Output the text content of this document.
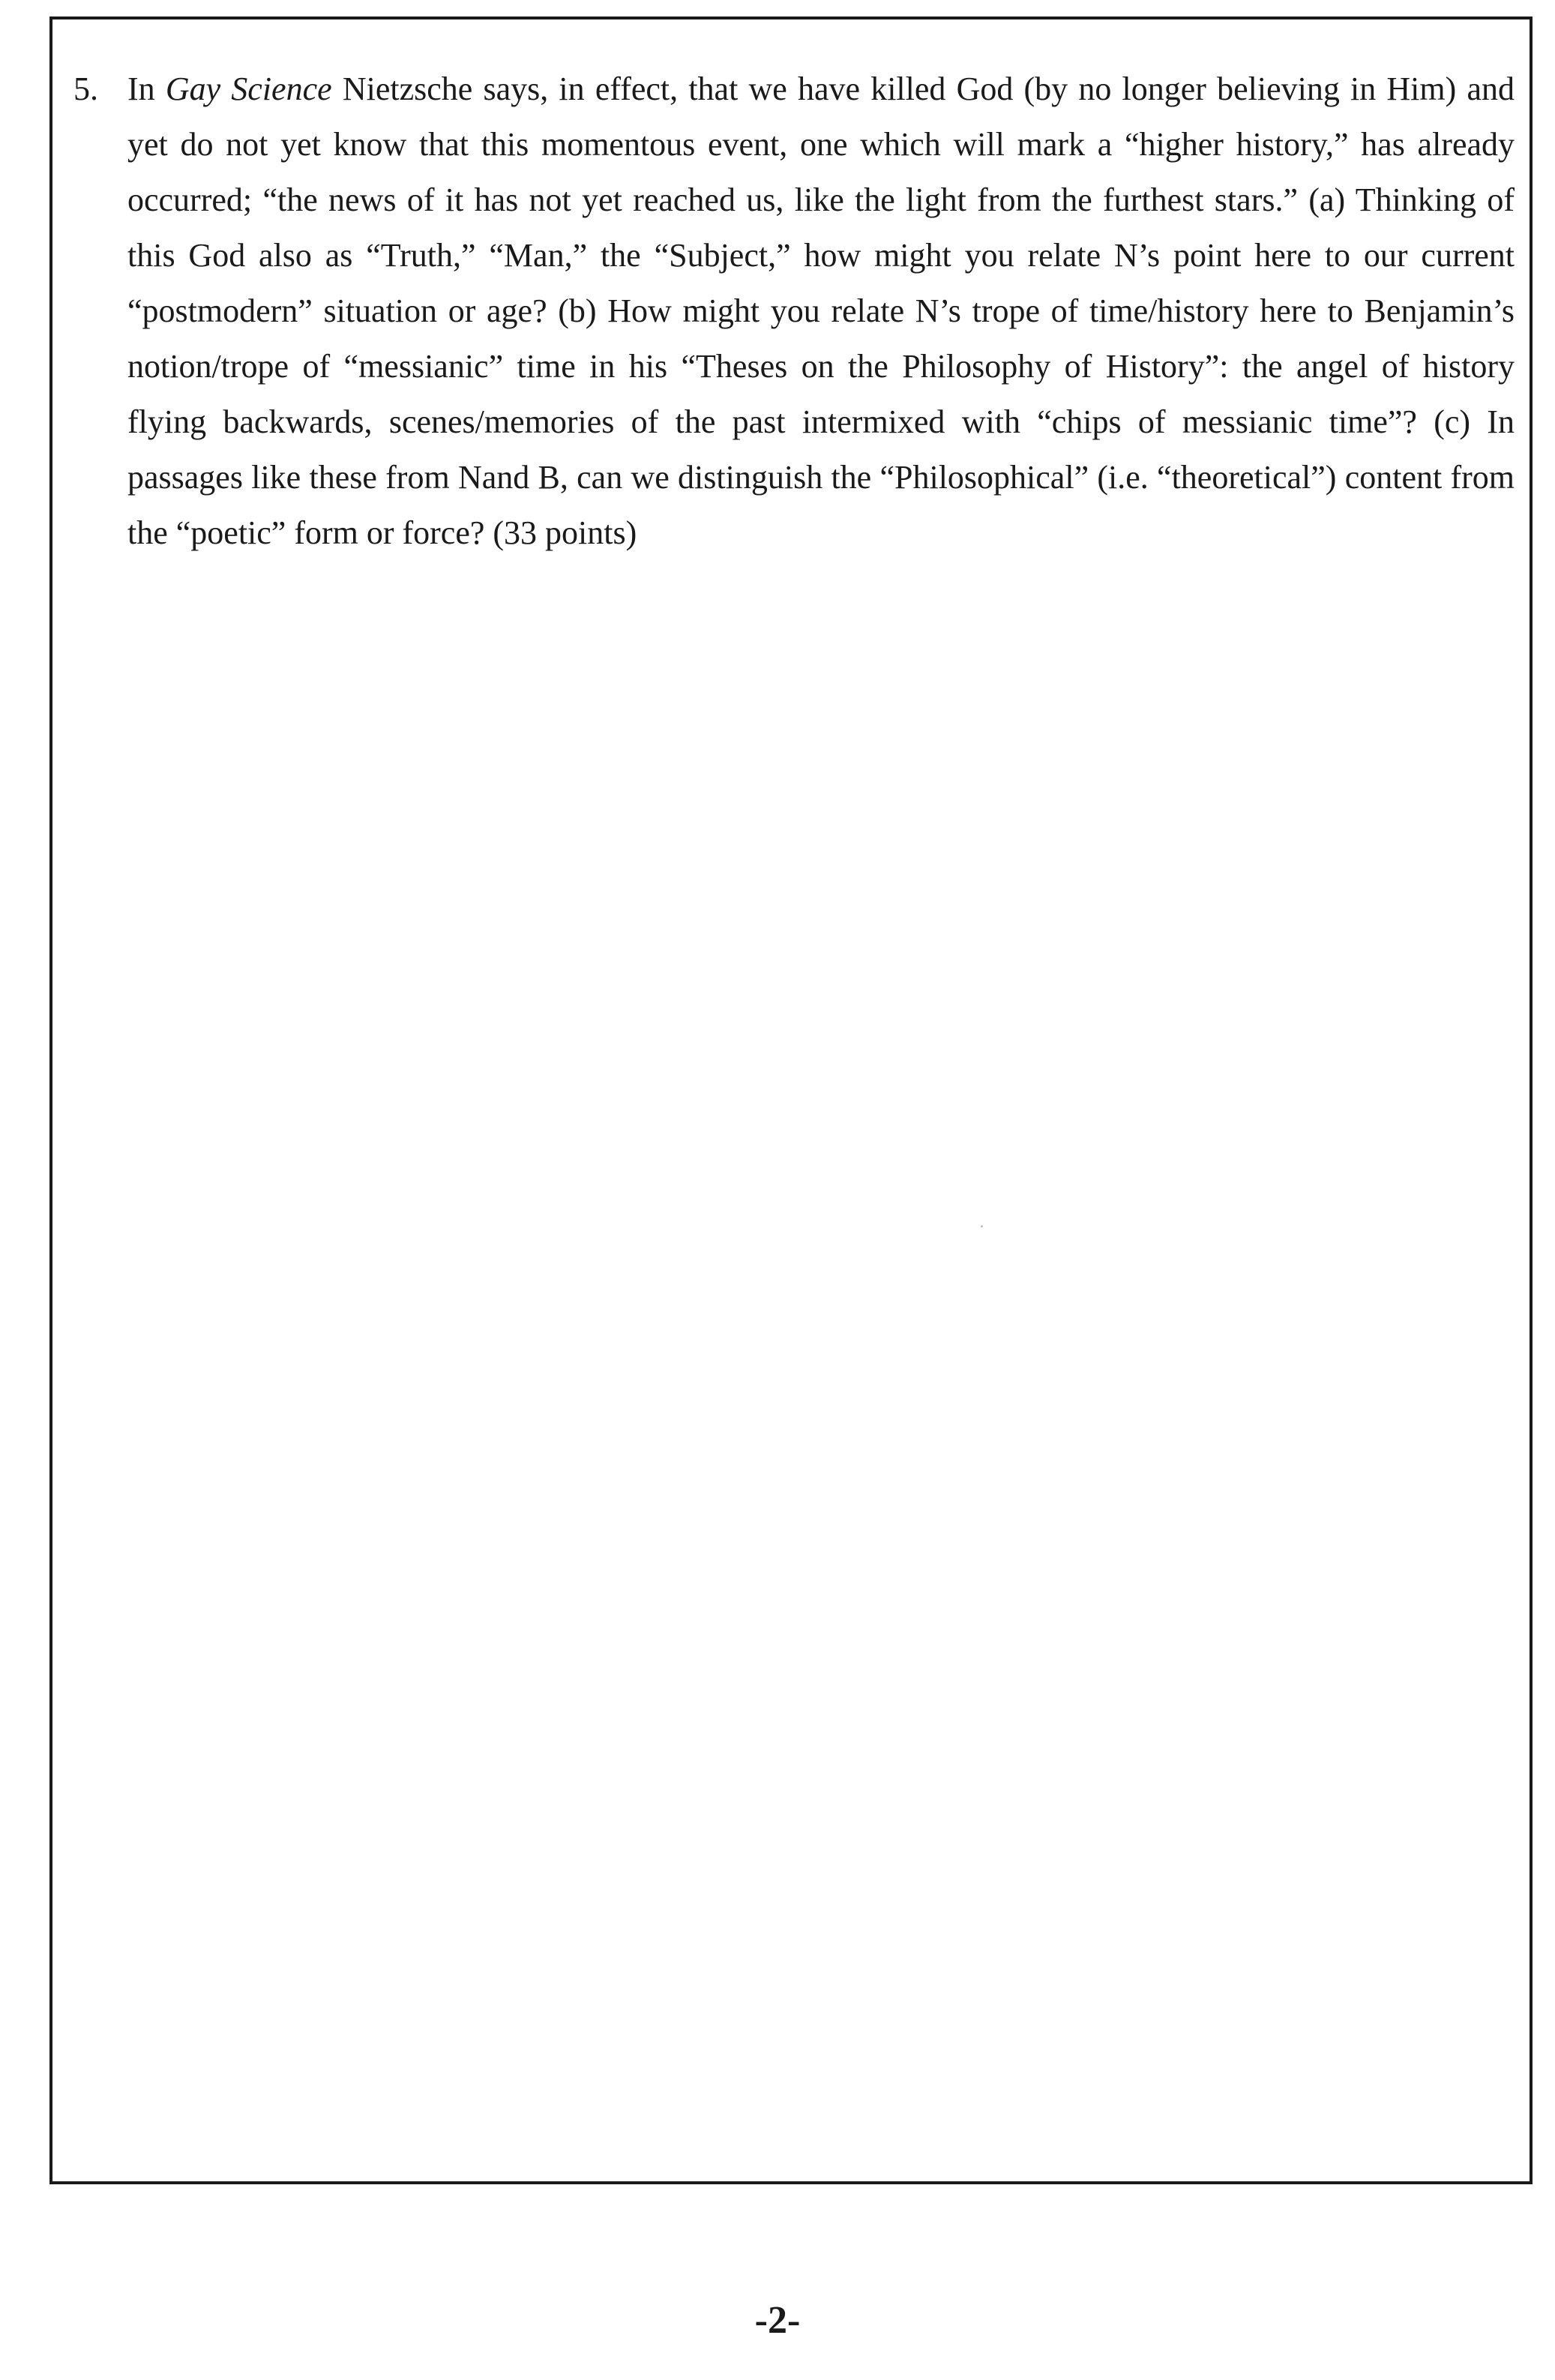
5. In Gay Science Nietzsche says, in effect, that we have killed God (by no longer believing in Him) and yet do not yet know that this momentous event, one which will mark a “higher history,” has already occurred; “the news of it has not yet reached us, like the light from the furthest stars.” (a) Thinking of this God also as “Truth,” “Man,” the “Subject,” how might you relate N’s point here to our current “postmodern” situation or age? (b) How might you relate N’s trope of time/history here to Benjamin’s notion/trope of “messianic” time in his “Theses on the Philosophy of History”: the angel of history flying backwards, scenes/memories of the past intermixed with “chips of messianic time”? (c) In passages like these from Nand B, can we distinguish the “Philosophical” (i.e. “theoretical”) content from the “poetic” form or force? (33 points)
-2-
